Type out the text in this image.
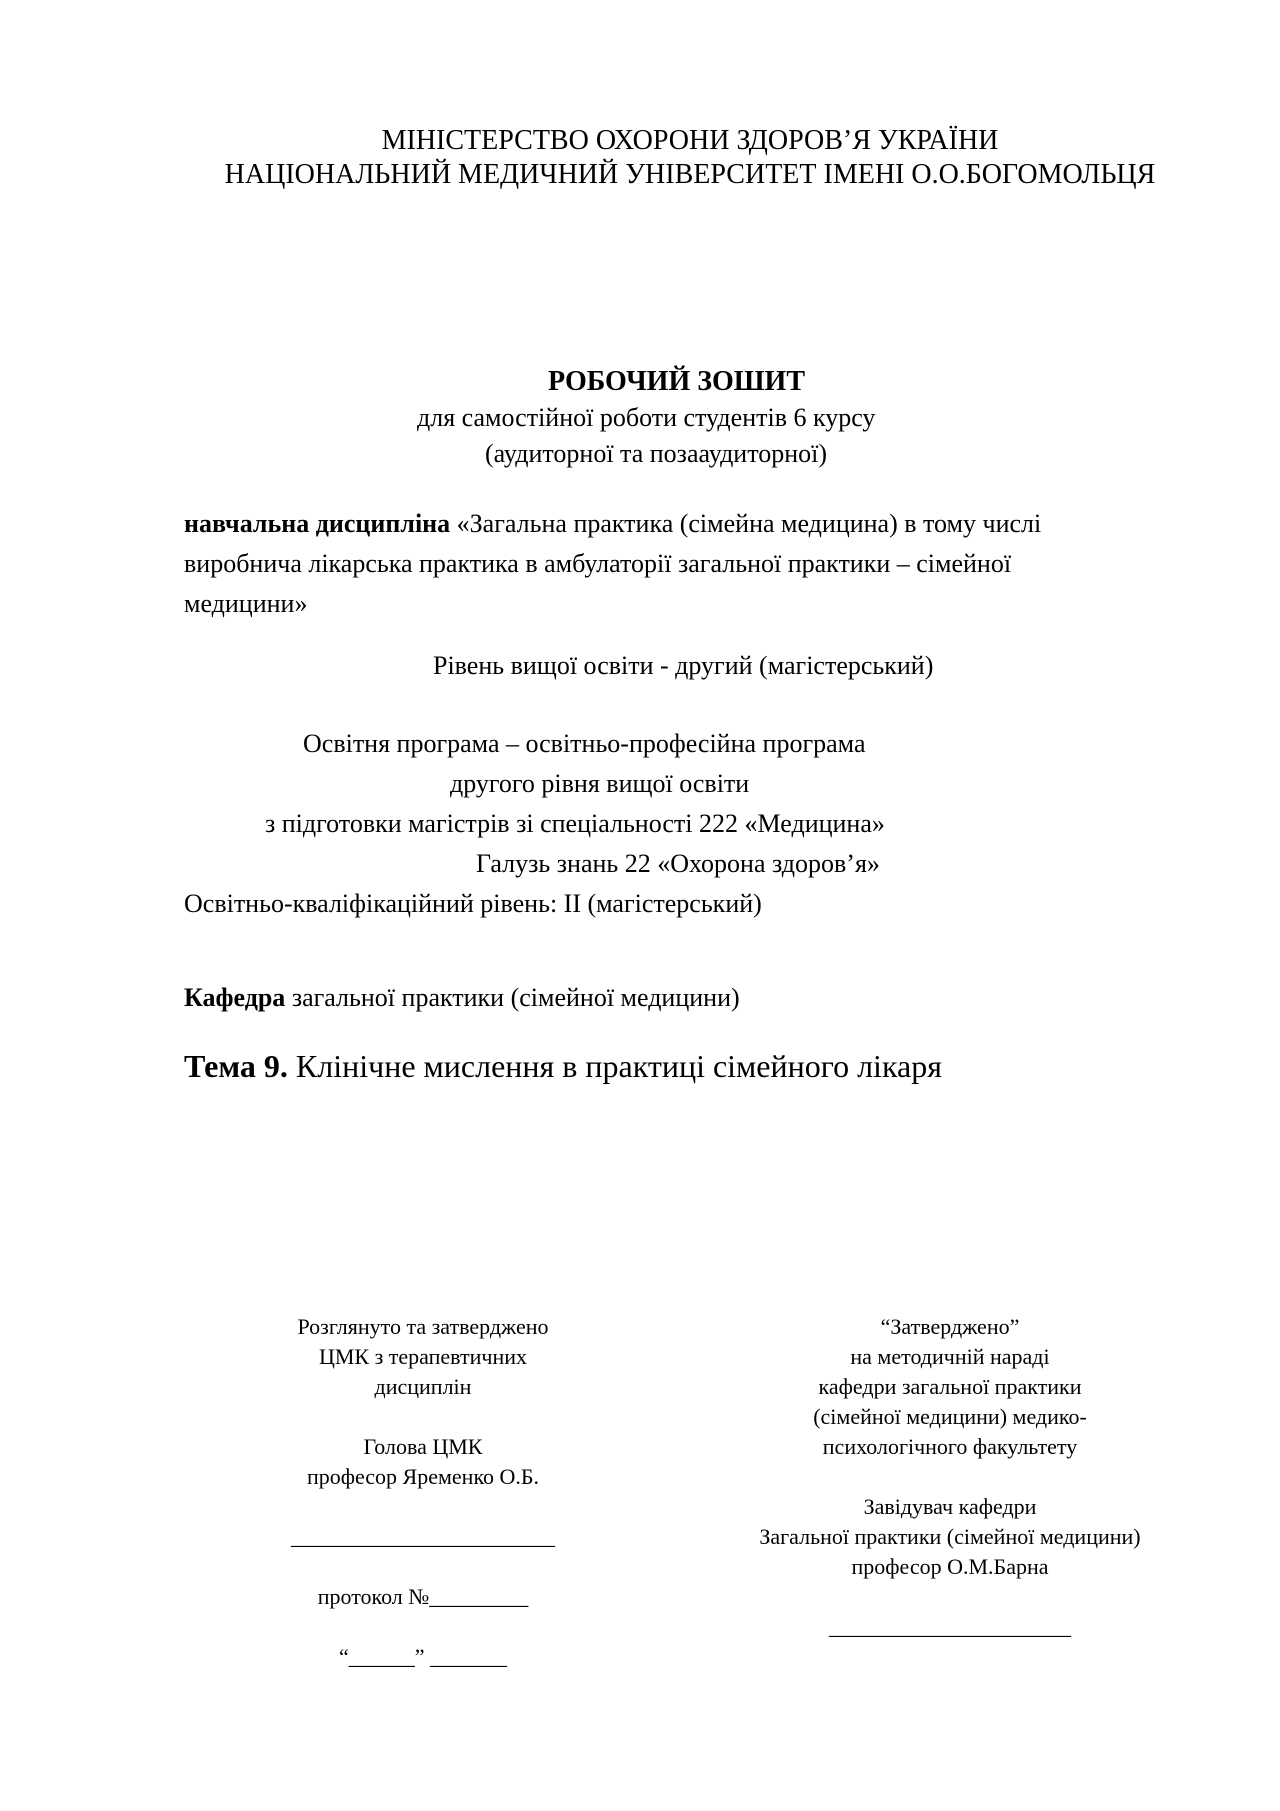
МІНІСТЕРСТВО ОХОРОНИ ЗДОРОВ’Я УКРАЇНИ
НАЦІОНАЛЬНИЙ МЕДИЧНИЙ УНІВЕРСИТЕТ ІМЕНІ О.О.БОГОМОЛЬЦЯ
РОБОЧИЙ ЗОШИТ
для самостійної роботи студентів 6 курсу
(аудиторної та позааудиторної)
навчальна дисципліна «Загальна практика (сімейна медицина) в тому числі
виробнича лікарська практика в амбулаторії загальної практики – сімейної
медицини»
Рівень вищої освіти - другий (магістерський)
Освітня програма – освітньо-професійна програма
другого рівня вищої освіти
з підготовки магістрів зі спеціальності 222 «Медицина»
Галузь знань 22 «Охорона здоров’я»
Освітньо-кваліфікаційний рівень: ІІ (магістерський)
Кафедра загальної практики (сімейної медицини)
Тема 9. Клінічне мислення в практиці сімейного лікаря
Розглянуто та затверджено
ЦМК з терапевтичних
дисциплін
Голова ЦМК
професор Яременко О.Б.
________________________
протокол №_________
“______” _______
“Затверджено”
на методичній нараді
кафедри загальної практики
(сімейної медицини) медико-
психологічного факультету
Завідувач кафедри
Загальної практики (сімейної медицини)
професор О.М.Барна
______________________
